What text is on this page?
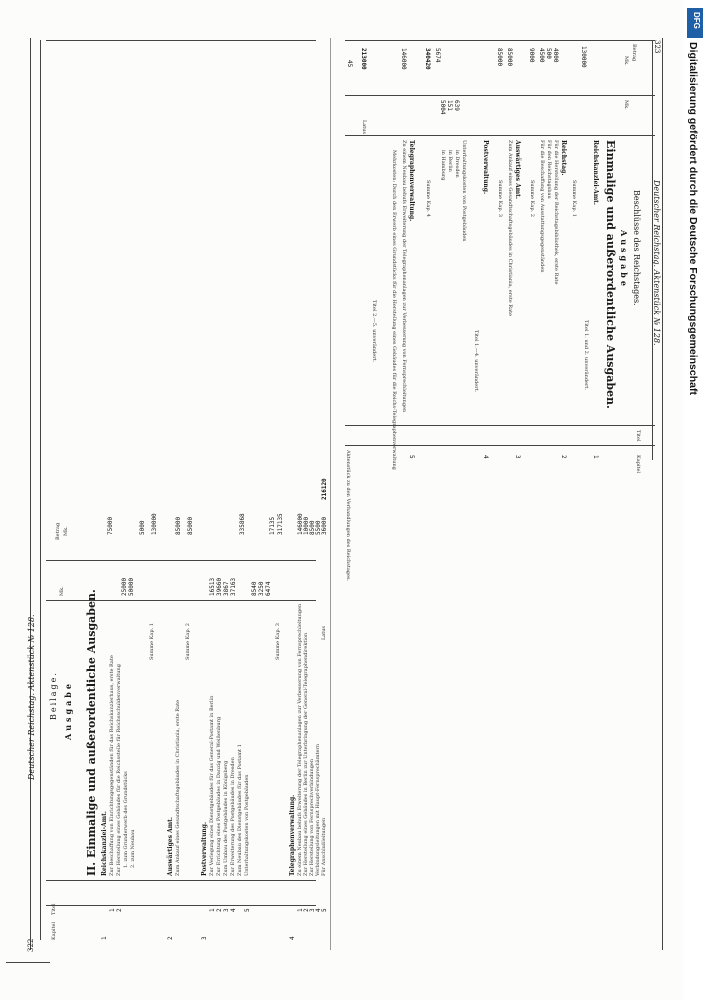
322
Deutscher Reichstag. Aktenstück № 128. Beilage.
Kapitel
Titel
Ausgabe
Mk.
Betrag Mk.
II. Einmalige und außerordentliche Ausgaben. Reichskanzlei-Amt. Zur Beschaffung von Einrichtungsgegenständen für das Reichskanzlerhaus, erste Rate Zur Herstellung eines Gebäudes für die Reichsstelle für Reichsschuldenverwaltung 1. zum Grunderwerb des Grundstücks 2. zum Neubau
75000
25000 50000
5000 130000
Summe Kap. 1
Auswärtiges Amt. Zum Ankauf eines Gesandtschaftsgebäudes in Christiania, erste Rate
85000 85000
Summe Kap. 2
Postverwaltung. Zur Verlegung eines Dienstgebäudes für das General-Postamt in Berlin Zur Errichtung eines Postgebäudes in Danzig und Weißenburg Zum Umbau des Postgebäudes in Königsberg Zur Erweiterung des Postgebäudes in Dresden Zum Neubau des Dienstgebäudes für das Postamt 1 Unterhaltungskosten von Postgebäuden
16513 39660 3867 37163
335868
8540 3250 6474
17135 317135
Summe Kap. 3
Telegraphenverwaltung. Zu einem Neubau behufs Erweiterung der Telegraphenanlagen zur Verbesserung von Fernsprechleitungen
146000
Zur Herstellung eines Gebäudes in Berlin zur Unterbringung der General-Telegraphendirektion Zur Herstellung von Fernsprechverbindungen Verbindungsleitungen mit Haupt-Fernsprechämtern Für Anschlußleitungen
10000 8500 5500 36000
216120
Latus
1
1 2
2	3
1 2 3 4 5
4
1 2 3 4 5
323
Deutscher Reichstag. Aktenstück № 128.
Beschlüsse des Reichstages.
Kapitel
Titel
Ausgabe
Mk.
Betrag
Mk.
Einmalige und außerordentliche Ausgaben.
Reichskanzlei-Amt.
Titel 1. und 2. unverändert.
130000
Summe Kap. 1
Reichstag.
Für die Herstellung der Reichstagsbibliothek, erste Rate
Für den Reichstagsbau
Für die Beschaffung von Ausstattungsgegenständen
4000
500
4500
9000
Summe Kap. 2
Auswärtiges Amt.
Zum Ankauf eines Gesandtschaftsgebäudes in Christiania, erste Rate
85000
85000
Summe Kap. 3
Postverwaltung.
Titel 1.—4. unverändert.
Unterhaltungskosten von Postgebäuden
in Dresden
in Berlin
in Hamburg
639
151
5004
5674
340420
Summe Kap. 4
Telegraphenverwaltung.
Zu einem Neubau behufs Erweiterung der Telegraphenanlagen zur Verbesserung von Fernsprechleitungen
Mehrkosten: Durch den Erwerb eines Grundstücks für die Herstellung eines Gebäudes für die Reichs-Telegraphenverwaltung
Titel 2.—5. unverändert.
146000
213000
Latus
1
2
3
4
5
Aktenstück zu den Verhandlungen des Reichstages.
45
DFG
Digitalisierung gefördert durch die Deutsche Forschungsgemeinschaft
